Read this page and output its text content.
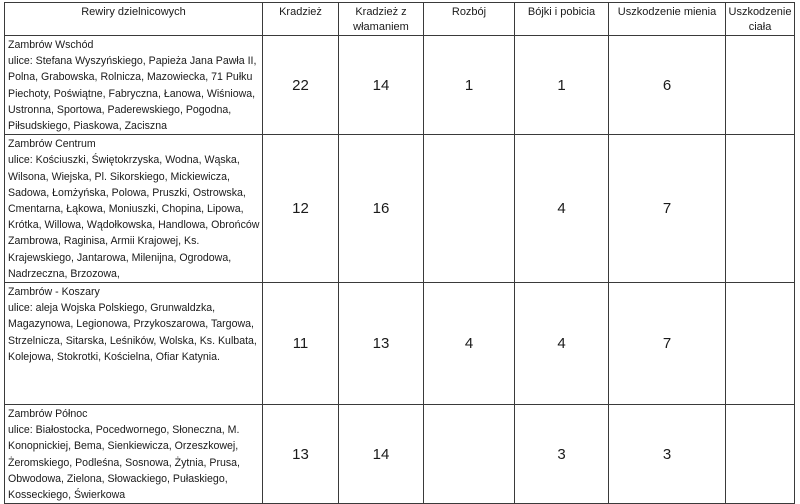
Rewiry dzielnicowych	Kradzież	Kradzież z włamaniem	Rozbój	Bójki i pobicia	Uszkodzenie mienia	Uszkodzenie ciała

Zambrów Wschód
ulice: Stefana Wyszyńskiego, Papieża Jana Pawła II, Polna, Grabowska, Rolnicza, Mazowiecka, 71 Pułku Piechoty, Poświątne, Fabryczna, Łanowa, Wiśniowa, Ustronna, Sportowa, Paderewskiego, Pogodna, Piłsudskiego, Piaskowa, Zaciszna	22	14	1	1	6	

Zambrów Centrum
ulice: Kościuszki, Świętokrzyska, Wodna, Wąska, Wilsona, Wiejska, Pl. Sikorskiego, Mickiewicza, Sadowa, Łomżyńska, Polowa, Pruszki, Ostrowska, Cmentarna, Łąkowa, Moniuszki, Chopina, Lipowa, Krótka, Willowa, Wądołkowska, Handlowa, Obrońców Zambrowa, Raginisa, Armii Krajowej, Ks. Krajewskiego, Jantarowa, Milenijna, Ogrodowa, Nadrzeczna, Brzozowa,	12	16		4	7	

Zambrów - Koszary
ulice: aleja Wojska Polskiego, Grunwaldzka, Magazynowa, Legionowa, Przykoszarowa, Targowa, Strzelnicza, Sitarska, Leśników, Wolska, Ks. Kulbata, Kolejowa, Stokrotki, Kościelna, Ofiar Katynia.	11	13	4	4	7	

Zambrów Północ
ulice: Białostocka, Pocedwornego, Słoneczna, M. Konopnickiej, Bema, Sienkiewicza, Orzeszkowej, Żeromskiego, Podleśna, Sosnowa, Żytnia, Prusa, Obwodowa, Zielona, Słowackiego, Pułaskiego, Kosseckiego, Świerkowa	13	14		3	3	
